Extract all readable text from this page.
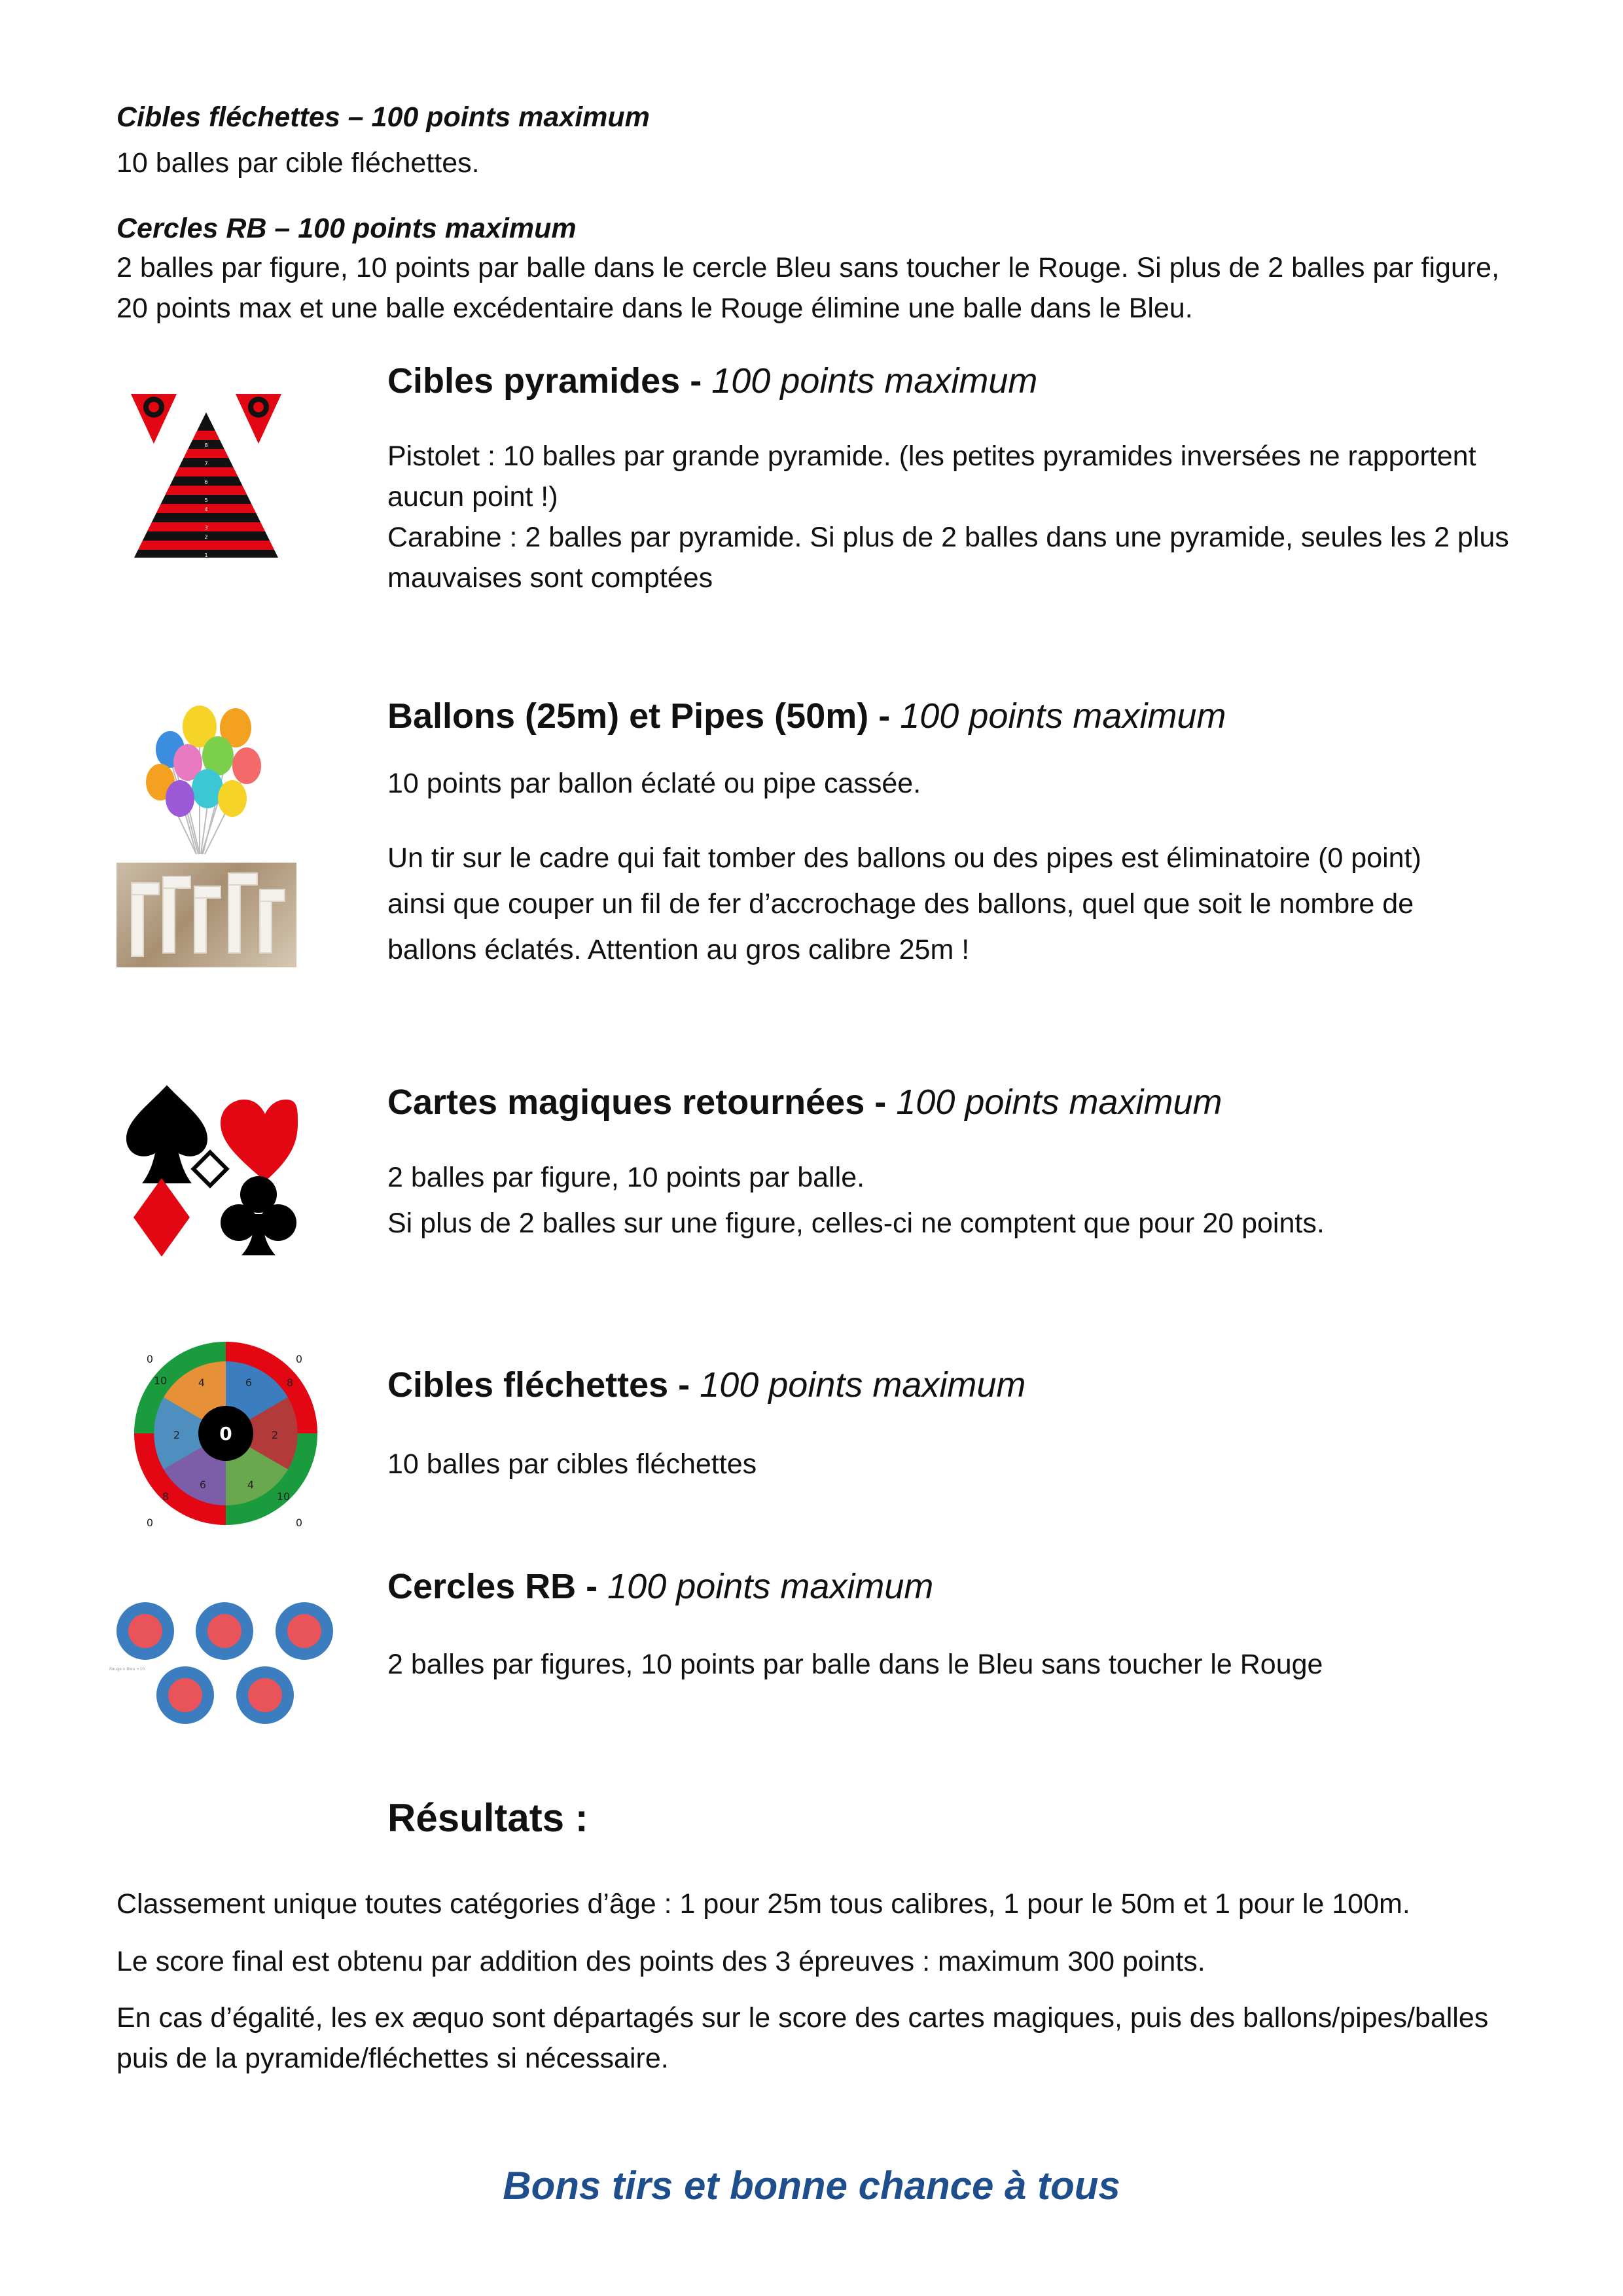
Cibles fléchettes – 100 points maximum

10 balles par cible fléchettes.

Cercles RB – 100 points maximum

2 balles par figure, 10 points par balle dans le cercle Bleu sans toucher le Rouge. Si plus de 2 balles par figure,

20 points max et une balle excédentaire dans le Rouge élimine une balle dans le Bleu.

8
7
6
5
4
3
2
1

Cibles pyramides - 100 points maximum

Pistolet : 10 balles par grande pyramide. (les petites pyramides inversées ne rapportent

aucun point !)

Carabine : 2 balles par pyramide. Si plus de 2 balles dans une pyramide, seules les 2 plus

mauvaises sont comptées

Ballons (25m) et Pipes (50m) - 100 points maximum

10 points par ballon éclaté ou pipe cassée.

Un tir sur le cadre qui fait tomber des ballons ou des pipes est éliminatoire (0 point)

ainsi que couper un fil de fer d’accrochage des ballons, quel que soit le nombre de

ballons éclatés. Attention au gros calibre 25m !

Cartes magiques retournées - 100 points maximum

2 balles par figure, 10 points par balle.

Si plus de 2 balles sur une figure, celles-ci ne comptent que pour 20 points.

0
6
2
4
6
2
4
10	8
10
8
0	0
0
0

Cibles fléchettes - 100 points maximum

10 balles par cibles fléchettes

Rouge x Bleu +10

Cercles RB - 100 points maximum

2 balles par figures, 10 points par balle dans le Bleu sans toucher le Rouge

Résultats :

Classement unique toutes catégories d’âge : 1 pour 25m tous calibres, 1 pour le 50m et 1 pour le 100m.

Le score final est obtenu par addition des points des 3 épreuves : maximum 300 points.

En cas d’égalité, les ex æquo sont départagés sur le score des cartes magiques, puis des ballons/pipes/balles

puis de la pyramide/fléchettes si nécessaire.

Bons tirs et bonne chance à tous
